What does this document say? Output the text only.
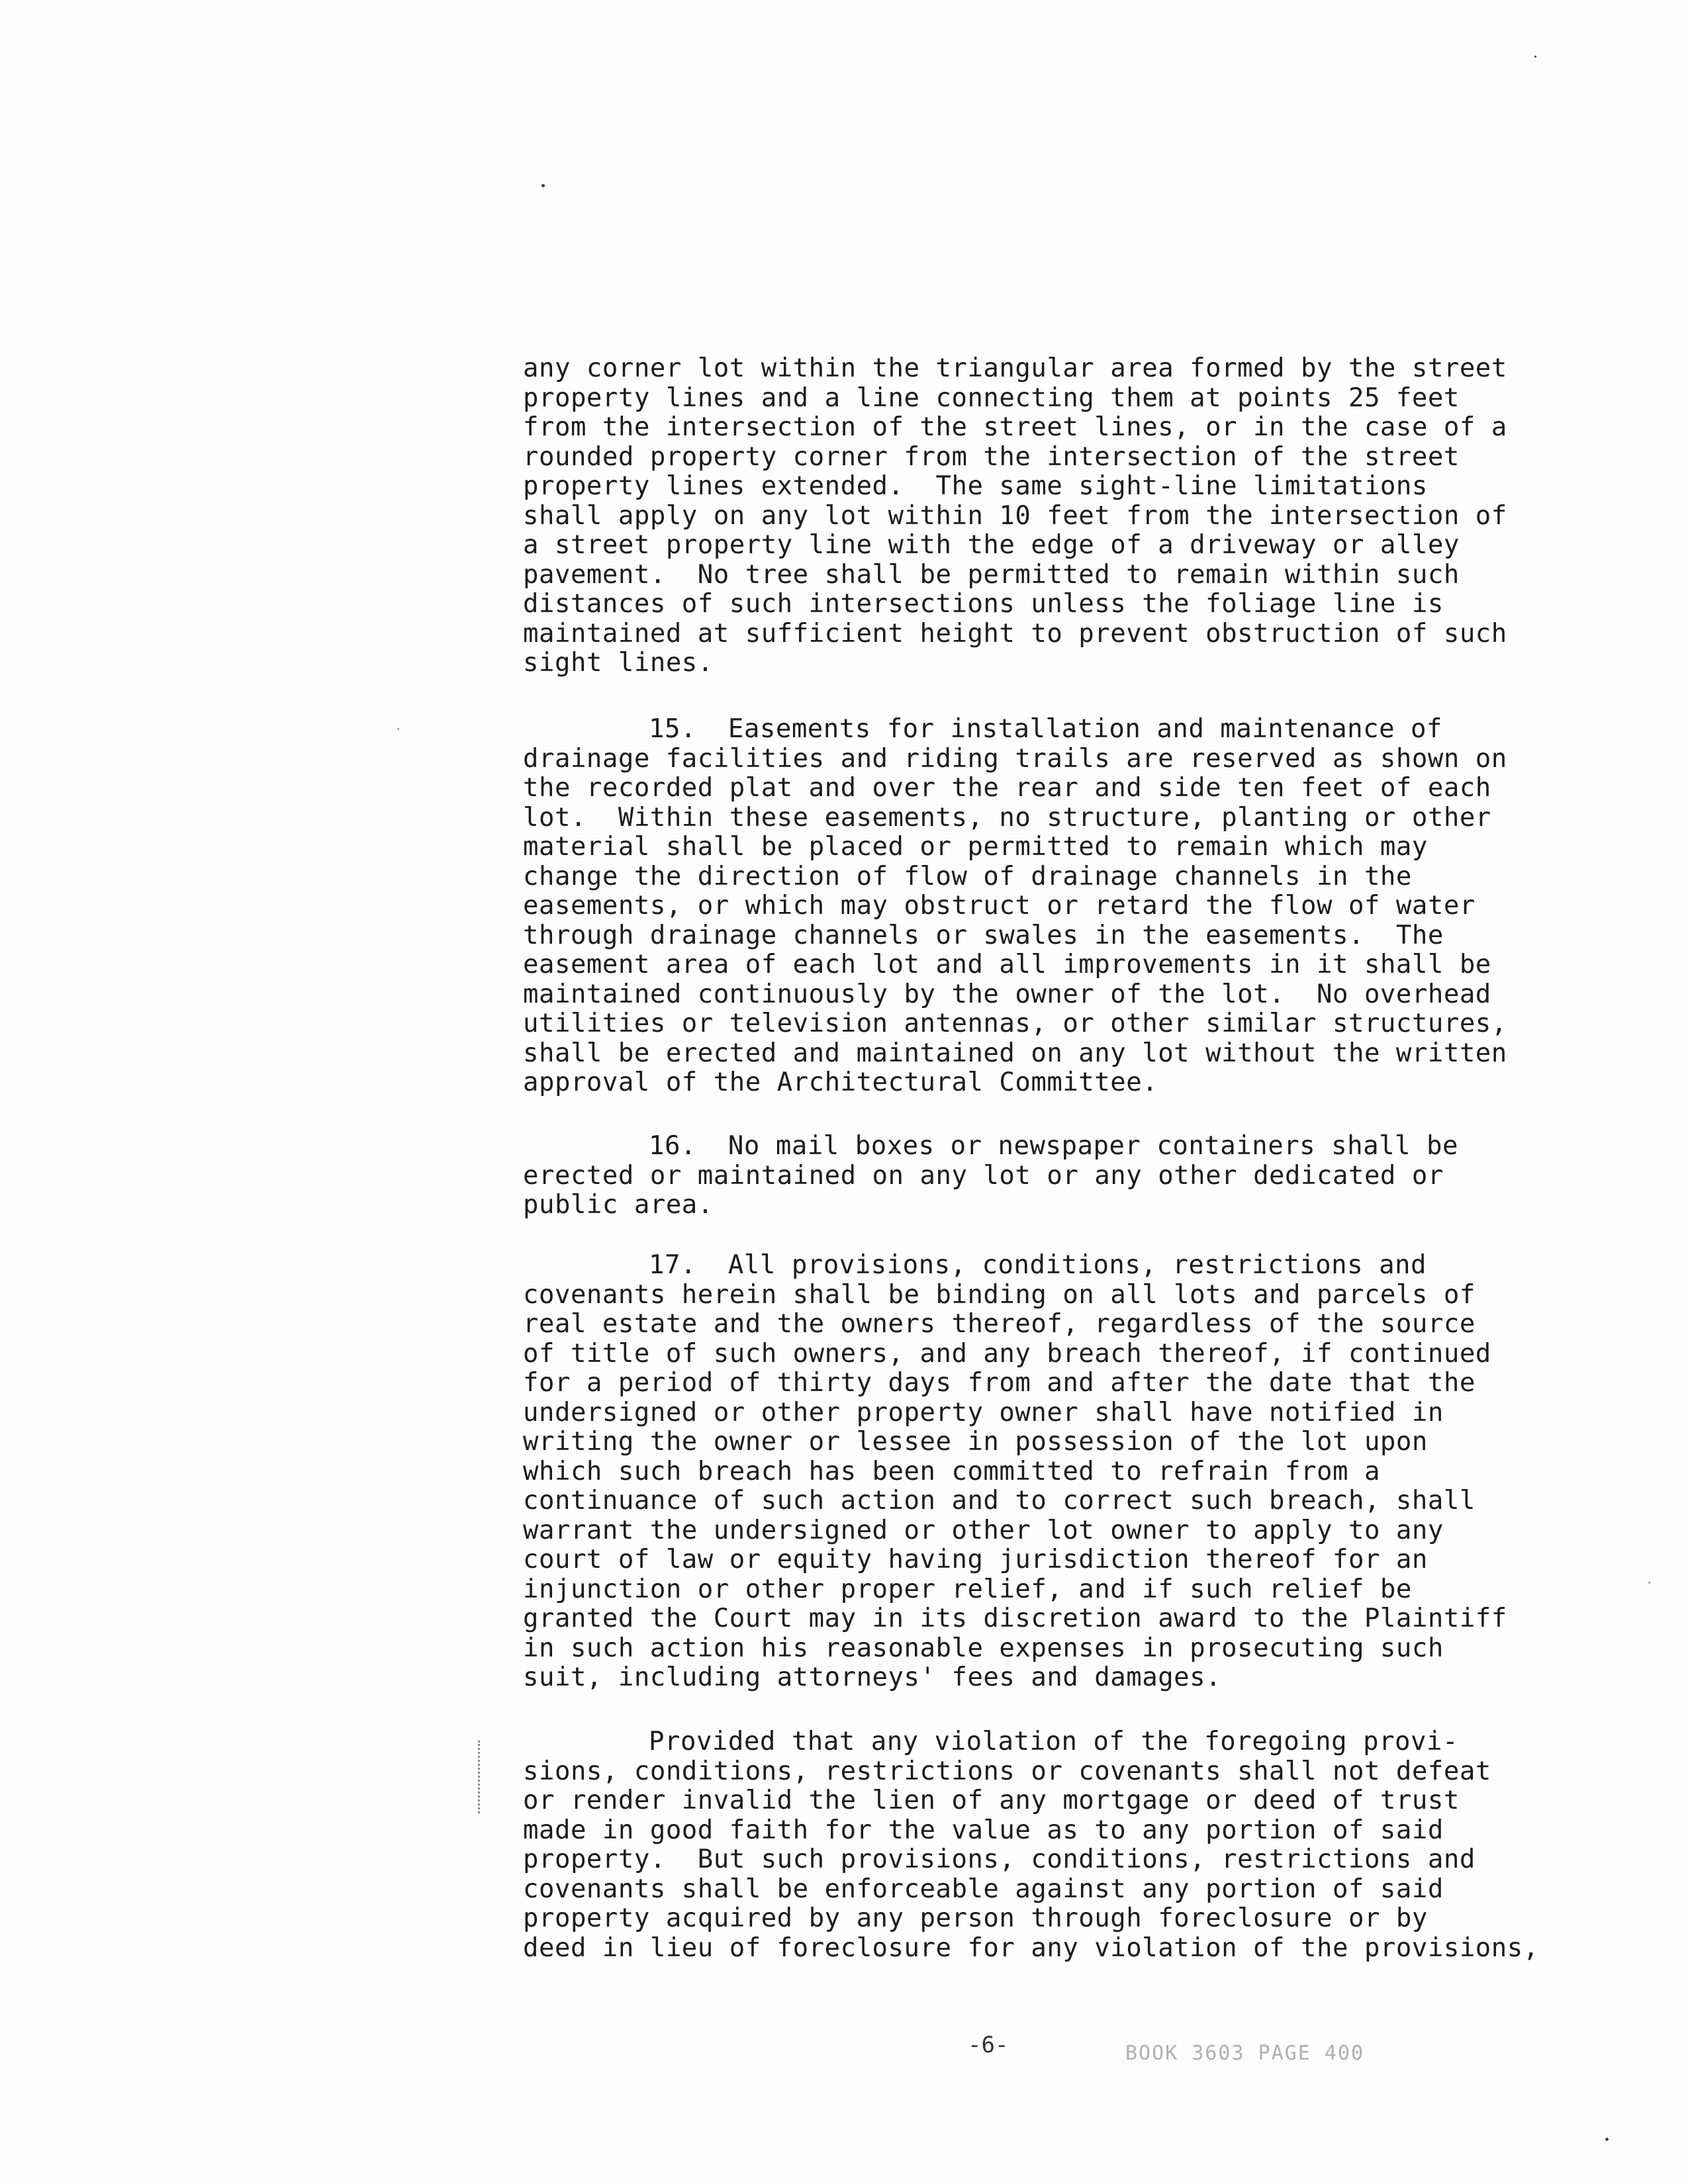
any corner lot within the triangular area formed by the street
property lines and a line connecting them at points 25 feet
from the intersection of the street lines, or in the case of a
rounded property corner from the intersection of the street
property lines extended.  The same sight-line limitations
shall apply on any lot within 10 feet from the intersection of
a street property line with the edge of a driveway or alley
pavement.  No tree shall be permitted to remain within such
distances of such intersections unless the foliage line is
maintained at sufficient height to prevent obstruction of such
sight lines.
15.  Easements for installation and maintenance of
drainage facilities and riding trails are reserved as shown on
the recorded plat and over the rear and side ten feet of each
lot.  Within these easements, no structure, planting or other
material shall be placed or permitted to remain which may
change the direction of flow of drainage channels in the
easements, or which may obstruct or retard the flow of water
through drainage channels or swales in the easements.  The
easement area of each lot and all improvements in it shall be
maintained continuously by the owner of the lot.  No overhead
utilities or television antennas, or other similar structures,
shall be erected and maintained on any lot without the written
approval of the Architectural Committee.
16.  No mail boxes or newspaper containers shall be
erected or maintained on any lot or any other dedicated or
public area.
17.  All provisions, conditions, restrictions and
covenants herein shall be binding on all lots and parcels of
real estate and the owners thereof, regardless of the source
of title of such owners, and any breach thereof, if continued
for a period of thirty days from and after the date that the
undersigned or other property owner shall have notified in
writing the owner or lessee in possession of the lot upon
which such breach has been committed to refrain from a
continuance of such action and to correct such breach, shall
warrant the undersigned or other lot owner to apply to any
court of law or equity having jurisdiction thereof for an
injunction or other proper relief, and if such relief be
granted the Court may in its discretion award to the Plaintiff
in such action his reasonable expenses in prosecuting such
suit, including attorneys' fees and damages.
Provided that any violation of the foregoing provi-
sions, conditions, restrictions or covenants shall not defeat
or render invalid the lien of any mortgage or deed of trust
made in good faith for the value as to any portion of said
property.  But such provisions, conditions, restrictions and
covenants shall be enforceable against any portion of said
property acquired by any person through foreclosure or by
deed in lieu of foreclosure for any violation of the provisions,
-6-	BOOK 3603 PAGE 400
